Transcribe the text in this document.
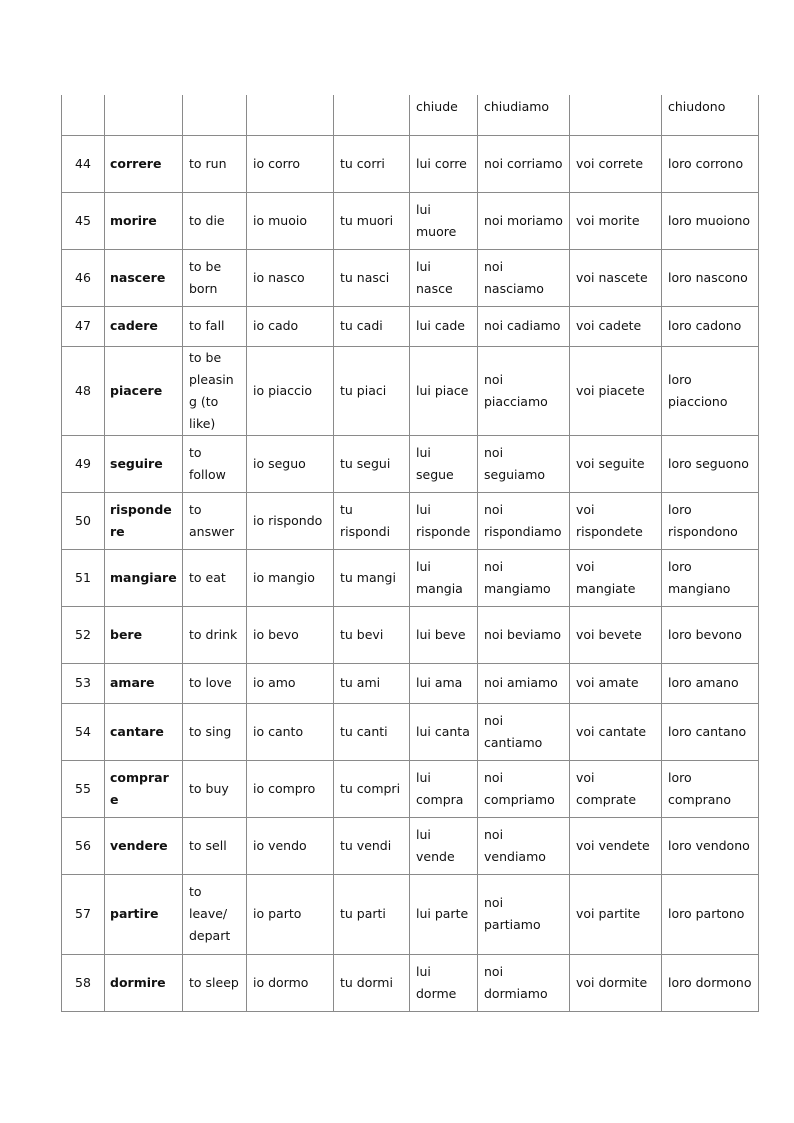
					chiude	chiudiamo		chiudono
44	correre	to run	io corro	tu corri	lui corre	noi corriamo	voi correte	loro corrono
45	morire	to die	io muoio	tu muori	lui muore	noi moriamo	voi morite	loro muoiono
46	nascere	to be born	io nasco	tu nasci	lui nasce	noi nasciamo	voi nascete	loro nascono
47	cadere	to fall	io cado	tu cadi	lui cade	noi cadiamo	voi cadete	loro cadono
48	piacere	to be pleasing (to like)	io piaccio	tu piaci	lui piace	noi piacciamo	voi piacete	loro piacciono
49	seguire	to follow	io seguo	tu segui	lui segue	noi seguiamo	voi seguite	loro seguono
50	rispondere	to answer	io rispondo	tu rispondi	lui risponde	noi rispondiamo	voi rispondete	loro rispondono
51	mangiare	to eat	io mangio	tu mangi	lui mangia	noi mangiamo	voi mangiate	loro mangiano
52	bere	to drink	io bevo	tu bevi	lui beve	noi beviamo	voi bevete	loro bevono
53	amare	to love	io amo	tu ami	lui ama	noi amiamo	voi amate	loro amano
54	cantare	to sing	io canto	tu canti	lui canta	noi cantiamo	voi cantate	loro cantano
55	comprare	to buy	io compro	tu compri	lui compra	noi compriamo	voi comprate	loro comprano
56	vendere	to sell	io vendo	tu vendi	lui vende	noi vendiamo	voi vendete	loro vendono
57	partire	to leave/ depart	io parto	tu parti	lui parte	noi partiamo	voi partite	loro partono
58	dormire	to sleep	io dormo	tu dormi	lui dorme	noi dormiamo	voi dormite	loro dormono
